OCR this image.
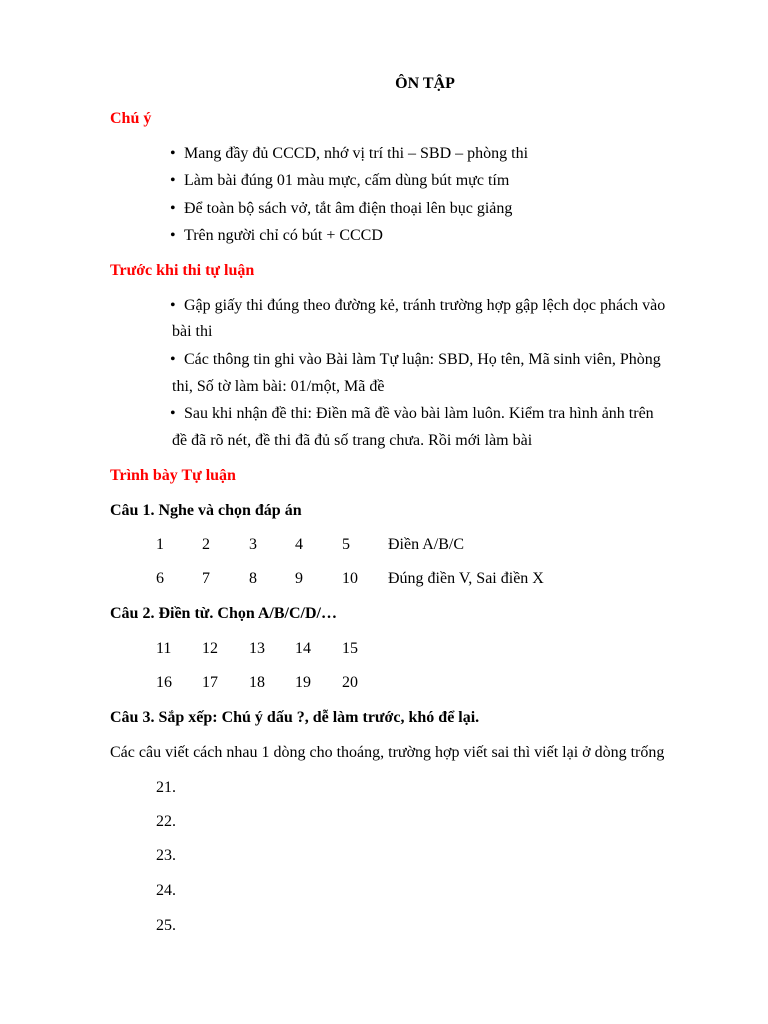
ÔN TẬP
Chú ý
• Mang đầy đủ CCCD, nhớ vị trí thi – SBD – phòng thi
• Làm bài đúng 01 màu mực, cấm dùng bút mực tím
• Để toàn bộ sách vở, tắt âm điện thoại lên bục giảng
• Trên người chỉ có bút + CCCD
Trước khi thi tự luận
• Gập giấy thi đúng theo đường kẻ, tránh trường hợp gập lệch dọc phách vào
bài thi
• Các thông tin ghi vào Bài làm Tự luận: SBD, Họ tên, Mã sinh viên, Phòng
thi, Số tờ làm bài: 01/một, Mã đề
• Sau khi nhận đề thi: Điền mã đề vào bài làm luôn. Kiểm tra hình ảnh trên
đề đã rõ nét, đề thi đã đủ số trang chưa. Rồi mới làm bài
Trình bày Tự luận
Câu 1. Nghe và chọn đáp án
1 2 3 4 5 Điền A/B/C
6 7 8 9 10 Đúng điền V, Sai điền X
Câu 2. Điền từ. Chọn A/B/C/D/…
11 12 13 14 15
16 17 18 19 20
Câu 3. Sắp xếp: Chú ý dấu ?, dễ làm trước, khó để lại.
Các câu viết cách nhau 1 dòng cho thoáng, trường hợp viết sai thì viết lại ở dòng trống
21.
22.
23.
24.
25.
